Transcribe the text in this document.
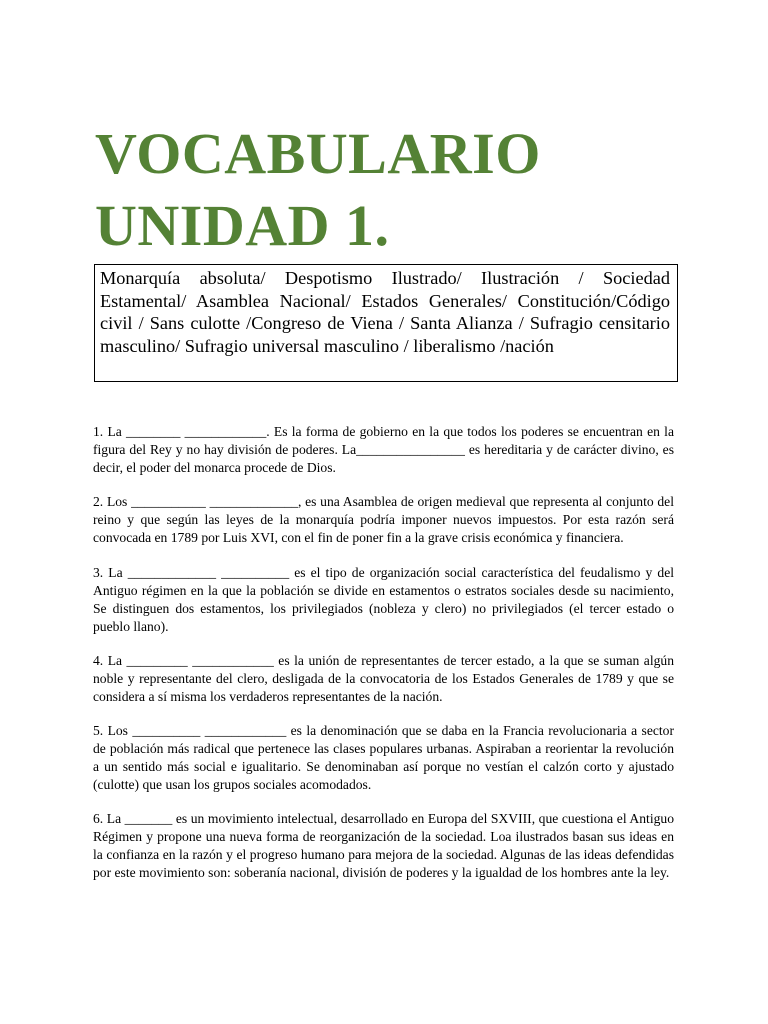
VOCABULARIO
UNIDAD 1.
Monarquía absoluta/ Despotismo Ilustrado/ Ilustración / Sociedad Estamental/ Asamblea Nacional/ Estados Generales/ Constitución/Código civil / Sans culotte /Congreso de Viena / Santa Alianza / Sufragio censitario masculino/ Sufragio universal masculino / liberalismo /nación

1. La ________ ____________. Es la forma de gobierno en la que todos los poderes se encuentran en la figura del Rey y no hay división de poderes. La________________ es hereditaria y de carácter divino, es decir, el poder del monarca procede de Dios.

2. Los ___________ _____________, es una Asamblea de origen medieval que representa al conjunto del reino y que según las leyes de la monarquía podría imponer nuevos impuestos. Por esta razón será convocada en 1789 por Luis XVI, con el fin de poner fin a la grave crisis económica y financiera.

3. La _____________ __________ es el tipo de organización social característica del feudalismo y del Antiguo régimen en la que la población se divide en estamentos o estratos sociales desde su nacimiento, Se distinguen dos estamentos, los privilegiados (nobleza y clero) no privilegiados (el tercer estado o pueblo llano).

4. La _________ ____________ es la unión de representantes de tercer estado, a la que se suman algún noble y representante del clero, desligada de la convocatoria de los Estados Generales de 1789 y que se considera a sí misma los verdaderos representantes de la nación.

5. Los __________ ____________ es la denominación que se daba en la Francia revolucionaria a sector de población más radical que pertenece las clases populares urbanas. Aspiraban a reorientar la revolución a un sentido más social e igualitario. Se denominaban así porque no vestían el calzón corto y ajustado (culotte) que usan los grupos sociales acomodados.

6. La _______ es un movimiento intelectual, desarrollado en Europa del SXVIII, que cuestiona el Antiguo Régimen y propone una nueva forma de reorganización de la sociedad. Loa ilustrados basan sus ideas en la confianza en la razón y el progreso humano para mejora de la sociedad. Algunas de las ideas defendidas por este movimiento son: soberanía nacional, división de poderes y la igualdad de los hombres ante la ley.
